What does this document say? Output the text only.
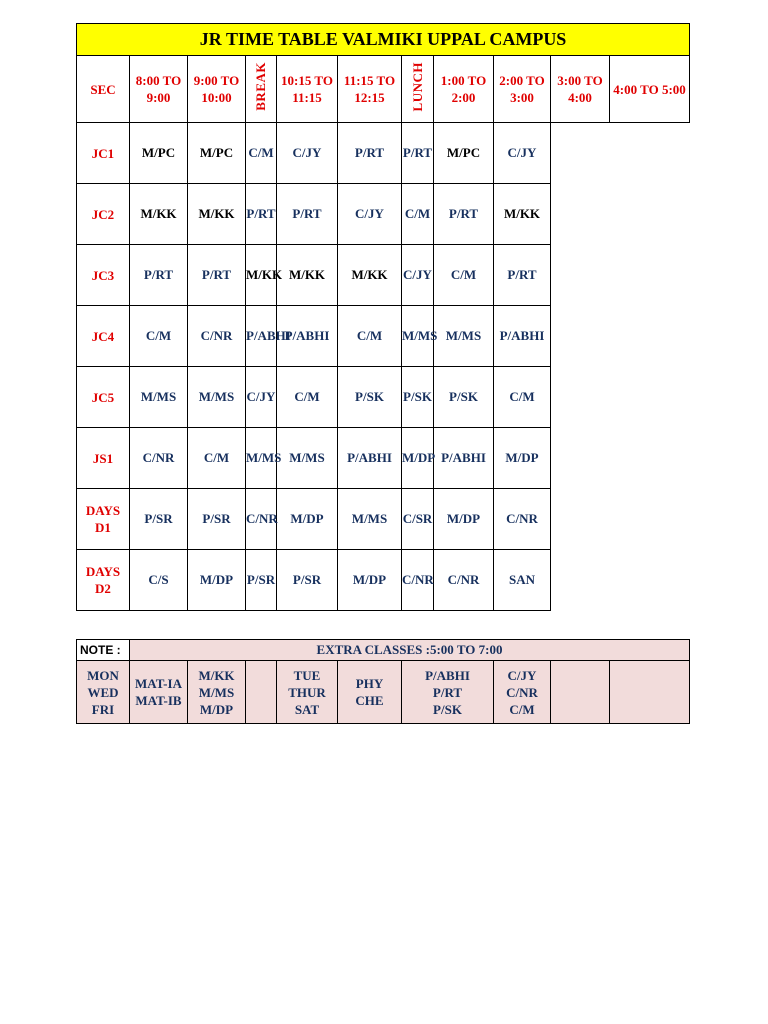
JR TIME TABLE VALMIKI UPPAL CAMPUS										
SEC	8:00 TO 9:00	9:00 TO 10:00	BREAK	10:15 TO 11:15	11:15 TO 12:15	LUNCH	1:00 TO 2:00	2:00 TO 3:00	3:00 TO 4:00	4:00 TO 5:00
JC1	M/PC	M/PC	C/M	C/JY	P/RT	P/RT	M/PC	C/JY		
JC2	M/KK	M/KK	P/RT	P/RT	C/JY	C/M	P/RT	M/KK		
JC3	P/RT	P/RT	M/KK	M/KK	M/KK	C/JY	C/M	P/RT		
JC4	C/M	C/NR	P/ABHI	P/ABHI	C/M	M/MS	M/MS	P/ABHI		
JC5	M/MS	M/MS	C/JY	C/M	P/SK	P/SK	P/SK	C/M		
JS1	C/NR	C/M	M/MS	M/MS	P/ABHI	M/DP	P/ABHI	M/DP		
DAYS D1	P/SR	P/SR	C/NR	M/DP	M/MS	C/SR	M/DP	C/NR		
DAYS D2	C/S	M/DP	P/SR	P/SR	M/DP	C/NR	C/NR	SAN		
NOTE :	EXTRA CLASSES :5:00 TO 7:00								
MON WED FRI	MAT-IA MAT-IB	M/KK M/MS M/DP		TUE THUR SAT	PHY CHE	P/ABHI P/RT P/SK	C/JY C/NR C/M		
